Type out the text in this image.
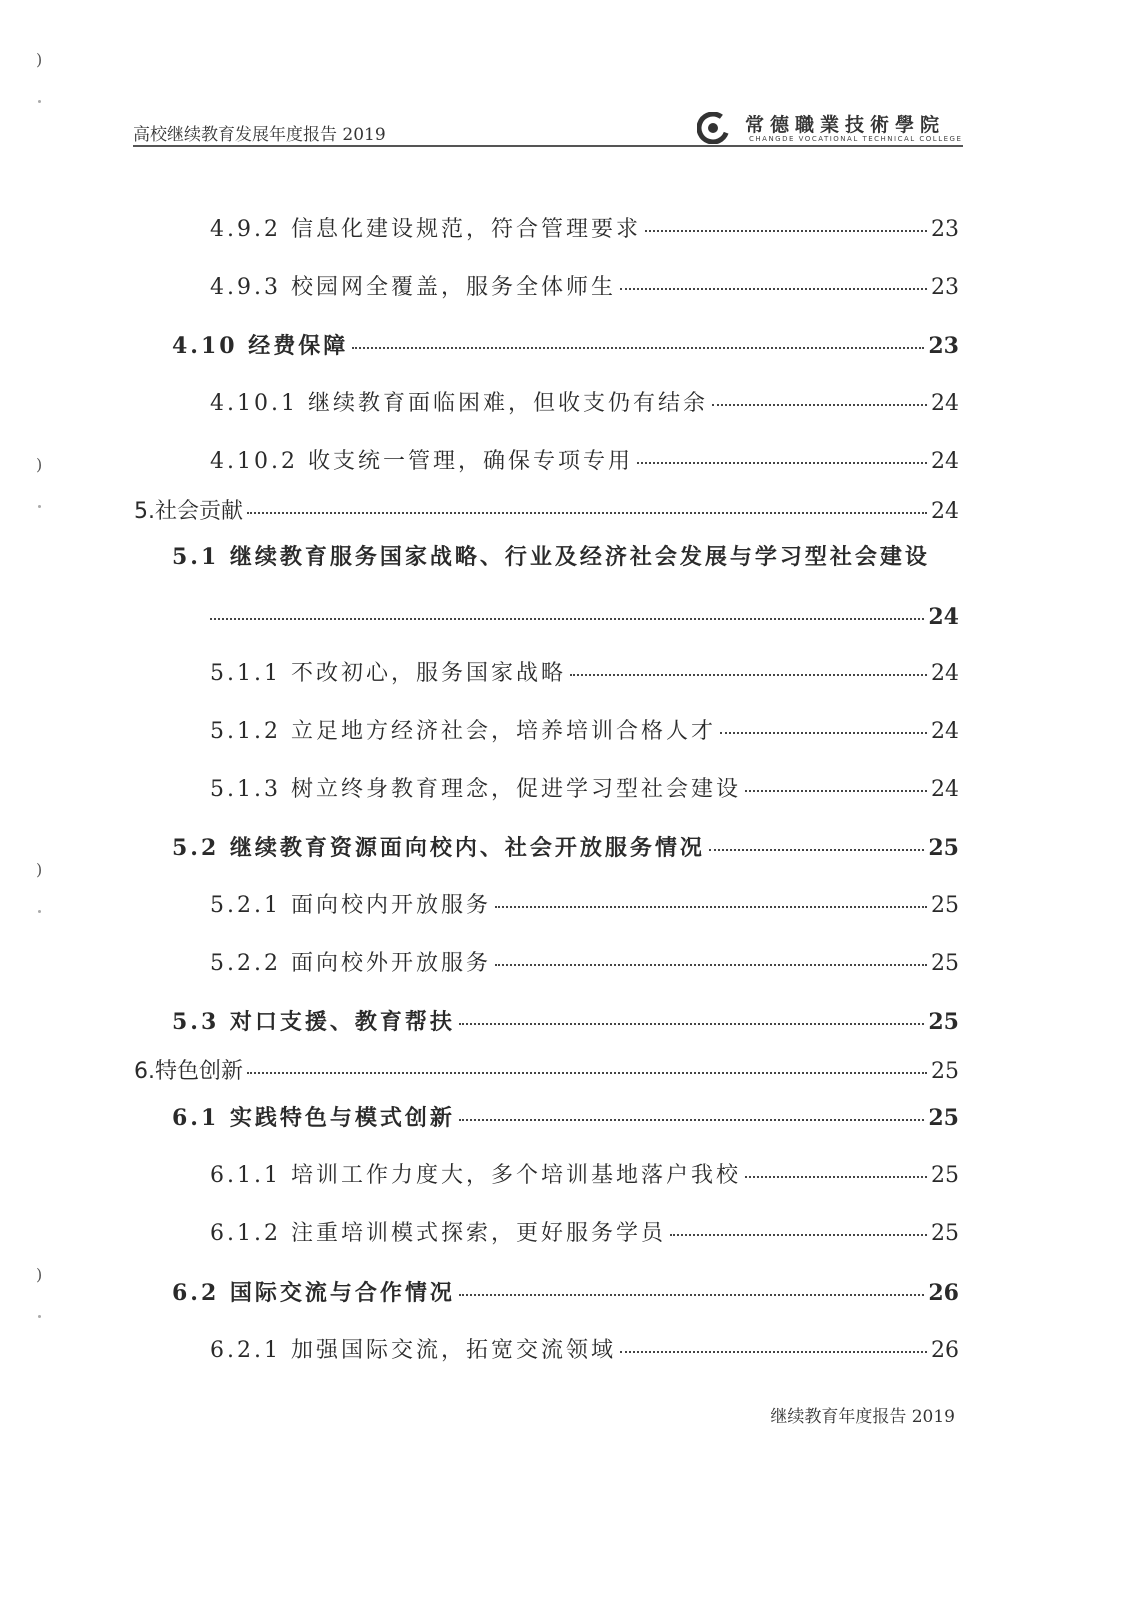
)
)
)
)
高校继续教育发展年度报告 2019	常德職業技術學院
CHANGDE VOCATIONAL TECHNICAL COLLEGE
4.9.2 信息化建设规范，符合管理要求	23
4.9.3 校园网全覆盖，服务全体师生	23
4.10 经费保障	23
4.10.1 继续教育面临困难，但收支仍有结余	24
4.10.2 收支统一管理，确保专项专用	24
5.社会贡献	24
5.1 继续教育服务国家战略、行业及经济社会发展与学习型社会建设
24
5.1.1 不改初心，服务国家战略	24
5.1.2 立足地方经济社会，培养培训合格人才	24
5.1.3 树立终身教育理念，促进学习型社会建设	24
5.2 继续教育资源面向校内、社会开放服务情况	25
5.2.1 面向校内开放服务	25
5.2.2 面向校外开放服务	25
5.3 对口支援、教育帮扶	25
6.特色创新	25
6.1 实践特色与模式创新	25
6.1.1 培训工作力度大，多个培训基地落户我校	25
6.1.2 注重培训模式探索，更好服务学员	25
6.2 国际交流与合作情况	26
6.2.1 加强国际交流，拓宽交流领域	26
继续教育年度报告 2019
